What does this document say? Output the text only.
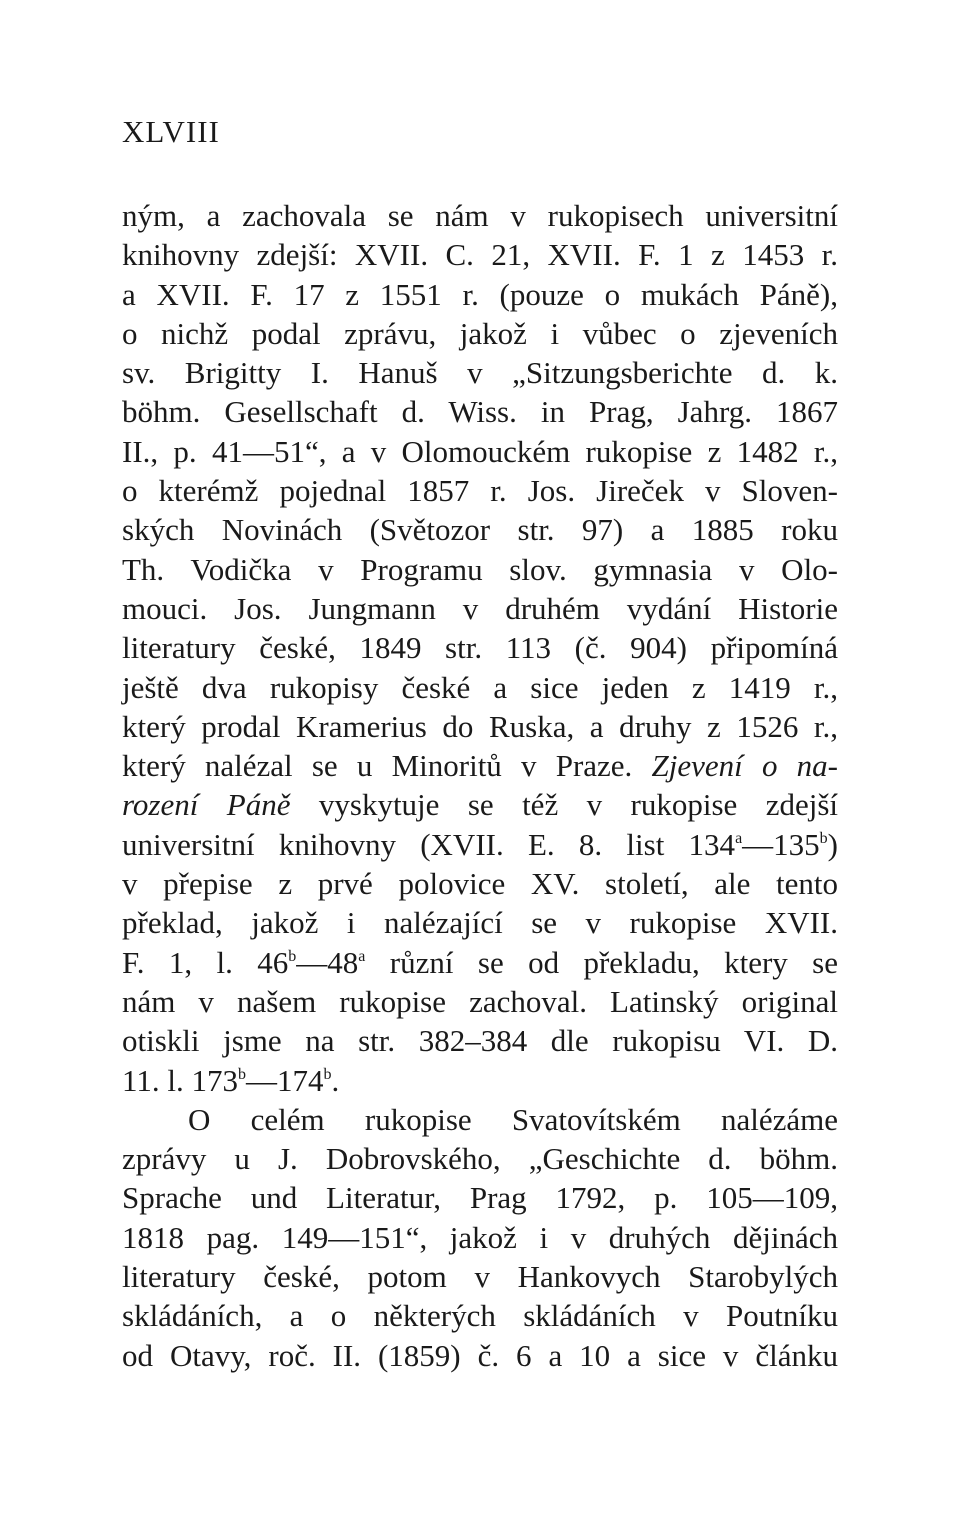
XLVIII
ným, a zachovala se nám v rukopisech universitní
knihovny zdejší: XVII. C. 21, XVII. F. 1 z 1453 r.
a XVII. F. 17 z 1551 r. (pouze o mukách Páně),
o nichž podal zprávu, jakož i vůbec o zjeveních
sv. Brigitty I. Hanuš v „Sitzungsberichte d. k.
böhm. Gesellschaft d. Wiss. in Prag, Jahrg. 1867
II., p. 41—51“, a v Olomouckém rukopise z 1482 r.,
o kterémž pojednal 1857 r. Jos. Jireček v Sloven-
ských Novinách (Světozor str. 97) a 1885 roku
Th. Vodička v Programu slov. gymnasia v Olo-
mouci. Jos. Jungmann v druhém vydání Historie
literatury české, 1849 str. 113 (č. 904) připomíná
ještě dva rukopisy české a sice jeden z 1419 r.,
který prodal Kramerius do Ruska, a druhy z 1526 r.,
který nalézal se u Minoritů v Praze. Zjevení o na-
rození Páně vyskytuje se též v rukopise zdejší
universitní knihovny (XVII. E. 8. list 134$^a$—135$^b$)
v přepise z prvé polovice XV. století, ale tento
překlad, jakož i nalézající se v rukopise XVII.
F. 1, l. 46$^b$—48$^a$ různí se od překladu, ktery se
nám v našem rukopise zachoval. Latinský original
otiskli jsme na str. 382–384 dle rukopisu VI. D.
11. l. 173$^b$—174$^b$.
O celém rukopise Svatovítském nalézáme
zprávy u J. Dobrovského, „Geschichte d. böhm.
Sprache und Literatur, Prag 1792, p. 105—109,
1818 pag. 149—151“, jakož i v druhých dějinách
literatury české, potom v Hankovych Starobylých
skládáních, a o některých skládáních v Poutníku
od Otavy, roč. II. (1859) č. 6 a 10 a sice v článku
